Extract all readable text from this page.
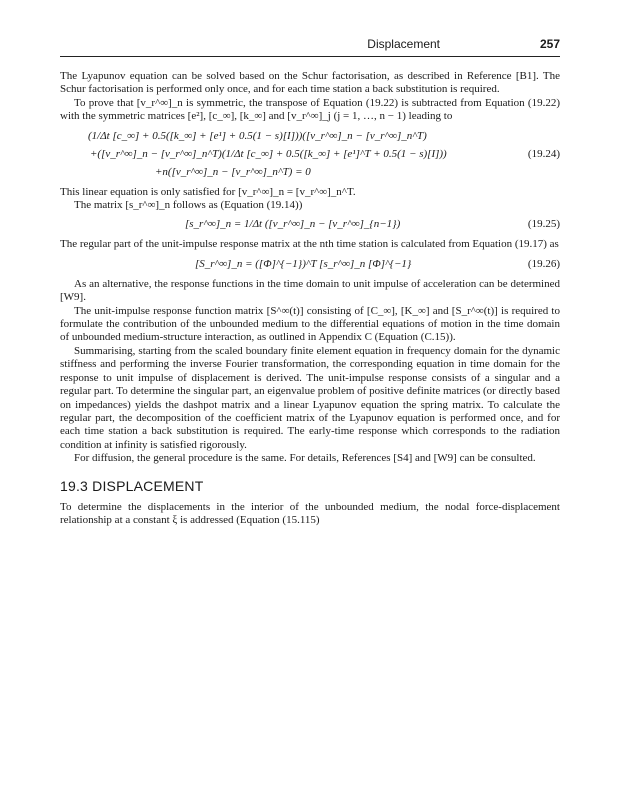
Displacement	257

The Lyapunov equation can be solved based on the Schur factorisation, as described in Reference [B1]. The Schur factorisation is performed only once, and for each time station a back substitution is required.

To prove that [v_r^∞]_n is symmetric, the transpose of Equation (19.22) is subtracted from Equation (19.22) with the symmetric matrices [e²], [c_∞], [k_∞] and [v_r^∞]_j (j = 1, …, n − 1) leading to

(1/Δt [c_∞] + 0.5([k_∞] + [e¹] + 0.5(1 − s)[I]))([v_r^∞]_n − [v_r^∞]_n^T)
+([v_r^∞]_n − [v_r^∞]_n^T)(1/Δt [c_∞] + 0.5([k_∞] + [e¹]^T + 0.5(1 − s)[I]))	(19.24)
+n([v_r^∞]_n − [v_r^∞]_n^T) = 0

This linear equation is only satisfied for [v_r^∞]_n = [v_r^∞]_n^T.

The matrix [s_r^∞]_n follows as (Equation (19.14))

[s_r^∞]_n = 1/Δt ([v_r^∞]_n − [v_r^∞]_{n−1})	(19.25)

The regular part of the unit-impulse response matrix at the nth time station is calculated from Equation (19.17) as

[S_r^∞]_n = ([Φ]^{−1})^T [s_r^∞]_n [Φ]^{−1}	(19.26)

As an alternative, the response functions in the time domain to unit impulse of acceleration can be determined [W9].

The unit-impulse response function matrix [S^∞(t)] consisting of [C_∞], [K_∞] and [S_r^∞(t)] is required to formulate the contribution of the unbounded medium to the differential equations of motion in the time domain of unbounded medium-structure interaction, as outlined in Appendix C (Equation (C.15)).

Summarising, starting from the scaled boundary finite element equation in frequency domain for the dynamic stiffness and performing the inverse Fourier transformation, the corresponding equation in time domain for the response to unit impulse of displacement is derived. The unit-impulse response consists of a singular and a regular part. To determine the singular part, an eigenvalue problem of positive definite matrices (or directly based on impedances) yields the dashpot matrix and a linear Lyapunov equation the spring matrix. To calculate the regular part, the decomposition of the coefficient matrix of the Lyapunov equation is performed once, and for each time station a back substitution is required. The early-time response which corresponds to the radiation condition at infinity is satisfied rigorously.

For diffusion, the general procedure is the same. For details, References [S4] and [W9] can be consulted.

19.3 DISPLACEMENT

To determine the displacements in the interior of the unbounded medium, the nodal force-displacement relationship at a constant ξ is addressed (Equation (15.115)
